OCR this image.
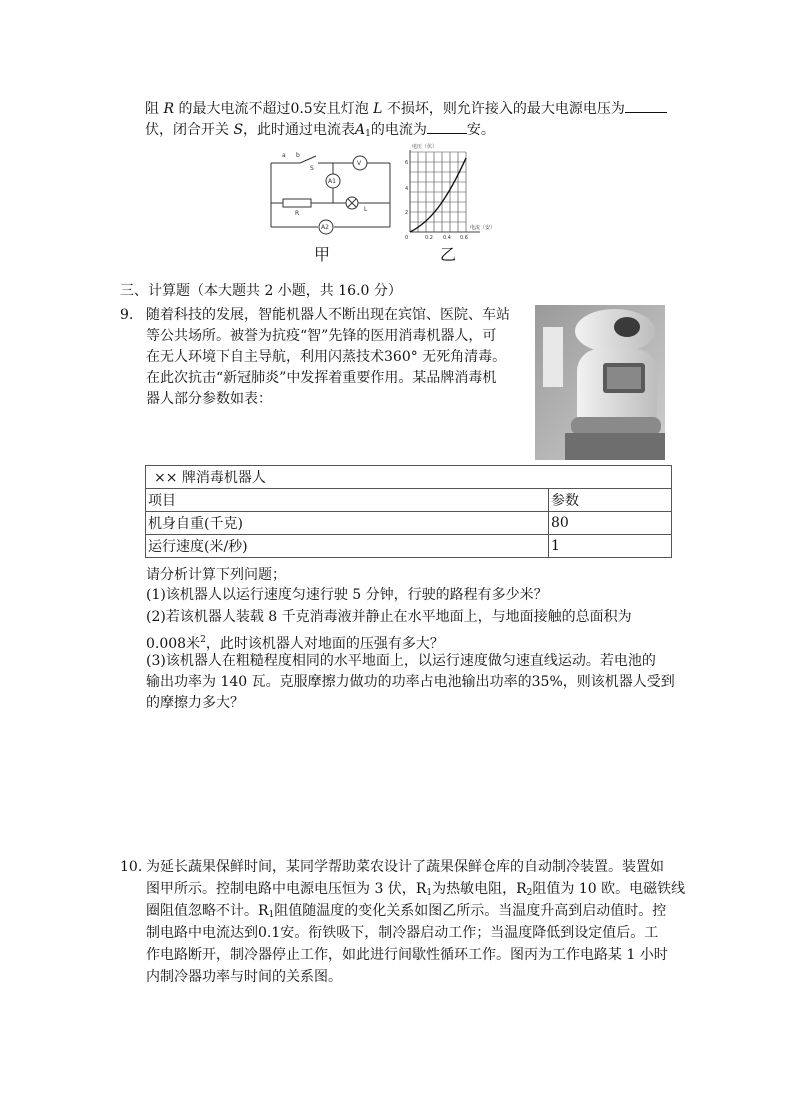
阻 R 的最大电流不超过0.5安且灯泡 L 不损坏，则允许接入的最大电源电压为
伏，闭合开关 S，此时通过电流表$A_1$的电流为	安。
a b
S
V
A1
R
L
A2
甲
电压（伏）
6
4
2
0	0.2 0.4 0.6
电流（安）
乙
三、计算题（本大题共 2 小题，共 16.0 分）
9. 随着科技的发展，智能机器人不断出现在宾馆、医院、车站
等公共场所。被誉为抗疫“智”先锋的医用消毒机器人，可
在无人环境下自主导航，利用闪蒸技术360° 无死角清毒。
在此次抗击“新冠肺炎”中发挥着重要作用。某品牌消毒机
器人部分参数如表：
×× 牌消毒机器人	
项目	参数
机身自重(千克)	80
运行速度(米/秒)	1
请分析计算下列问题；
(1)该机器人以运行速度匀速行驶 5 分钟，行驶的路程有多少米？
(2)若该机器人装载 8 千克消毒液并静止在水平地面上，与地面接触的总面积为
0.008米$^2$，此时该机器人对地面的压强有多大？
(3)该机器人在粗糙程度相同的水平地面上，以运行速度做匀速直线运动。若电池的
输出功率为 140 瓦。克服摩擦力做功的功率占电池输出功率的35%，则该机器人受到
的摩擦力多大？
10. 为延长蔬果保鲜时间，某同学帮助菜农设计了蔬果保鲜仓库的自动制冷装置。装置如
图甲所示。控制电路中电源电压恒为 3 伏，$R_1$为热敏电阻，$R_2$阻值为 10 欧。电磁铁线
圈阻值忽略不计。$R_1$阻值随温度的变化关系如图乙所示。当温度升高到启动值时。控
制电路中电流达到0.1安。衔铁吸下，制冷器启动工作；当温度降低到设定值后。工
作电路断开，制冷器停止工作，如此进行间歇性循环工作。图丙为工作电路某 1 小时
内制冷器功率与时间的关系图。
